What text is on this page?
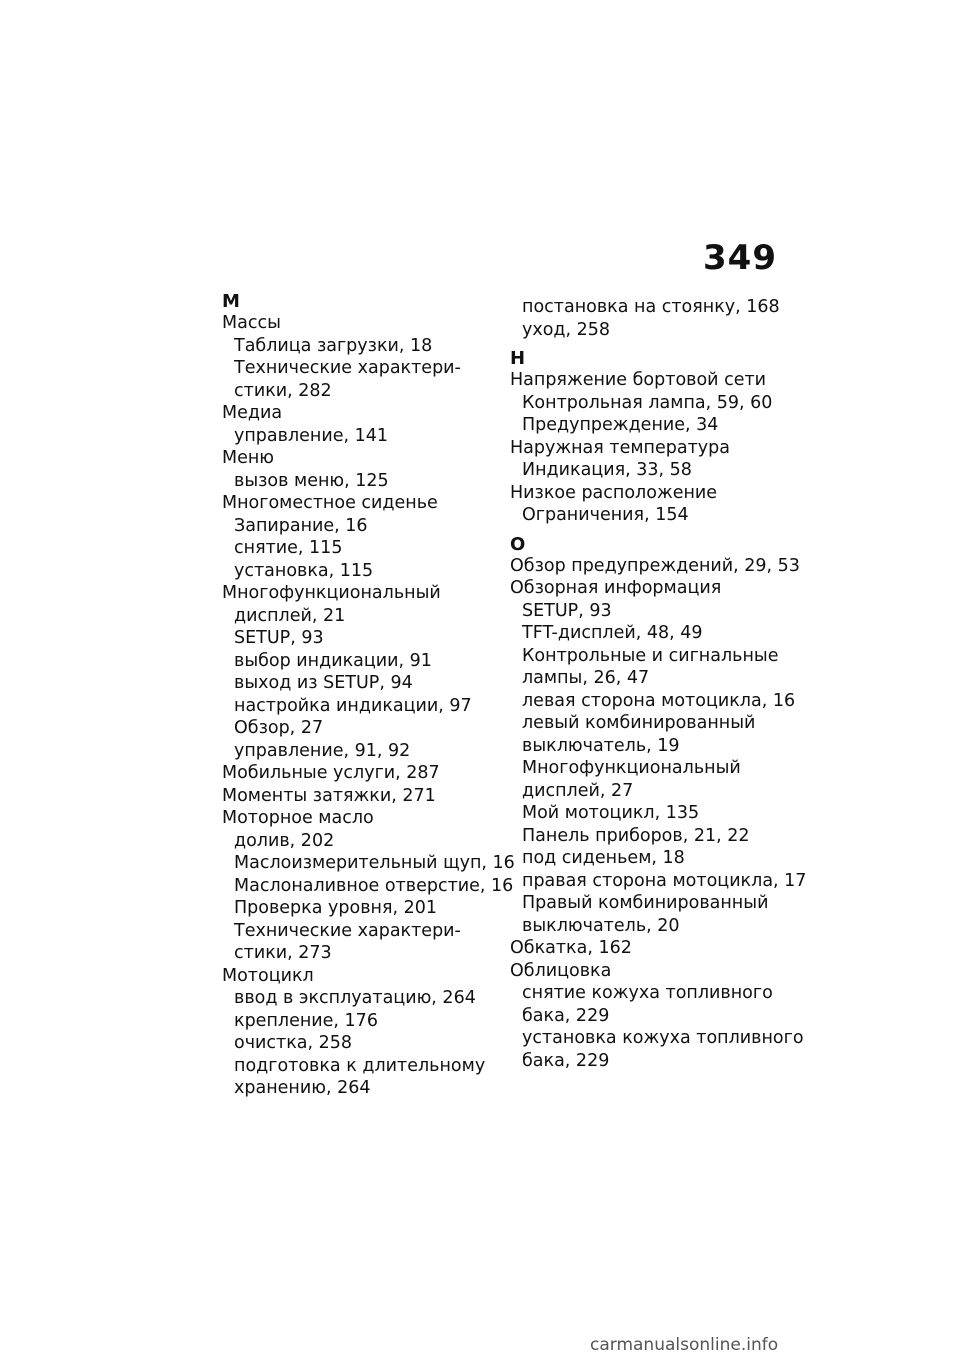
349
М
Массы
Таблица загрузки, 18
Технические характери-
стики, 282
Медиа
управление, 141
Меню
вызов меню, 125
Многоместное сиденье
Запирание, 16
снятие, 115
установка, 115
Многофункциональный
дисплей, 21
SETUP, 93
выбор индикации, 91
выход из SETUP, 94
настройка индикации, 97
Обзор, 27
управление, 91, 92
Мобильные услуги, 287
Моменты затяжки, 271
Моторное масло
долив, 202
Маслоизмерительный щуп, 16
Маслоналивное отверстие, 16
Проверка уровня, 201
Технические характери-
стики, 273
Мотоцикл
ввод в эксплуатацию, 264
крепление, 176
очистка, 258
подготовка к длительному
хранению, 264
постановка на стоянку, 168
уход, 258
Н
Напряжение бортовой сети
Контрольная лампа, 59, 60
Предупреждение, 34
Наружная температура
Индикация, 33, 58
Низкое расположение
Ограничения, 154
О
Обзор предупреждений, 29, 53
Обзорная информация
SETUP, 93
TFT-дисплей, 48, 49
Контрольные и сигнальные
лампы, 26, 47
левая сторона мотоцикла, 16
левый комбинированный
выключатель, 19
Многофункциональный
дисплей, 27
Мой мотоцикл, 135
Панель приборов, 21, 22
под сиденьем, 18
правая сторона мотоцикла, 17
Правый комбинированный
выключатель, 20
Обкатка, 162
Облицовка
снятие кожуха топливного
бака, 229
установка кожуха топливного
бака, 229
carmanualsonline.info
